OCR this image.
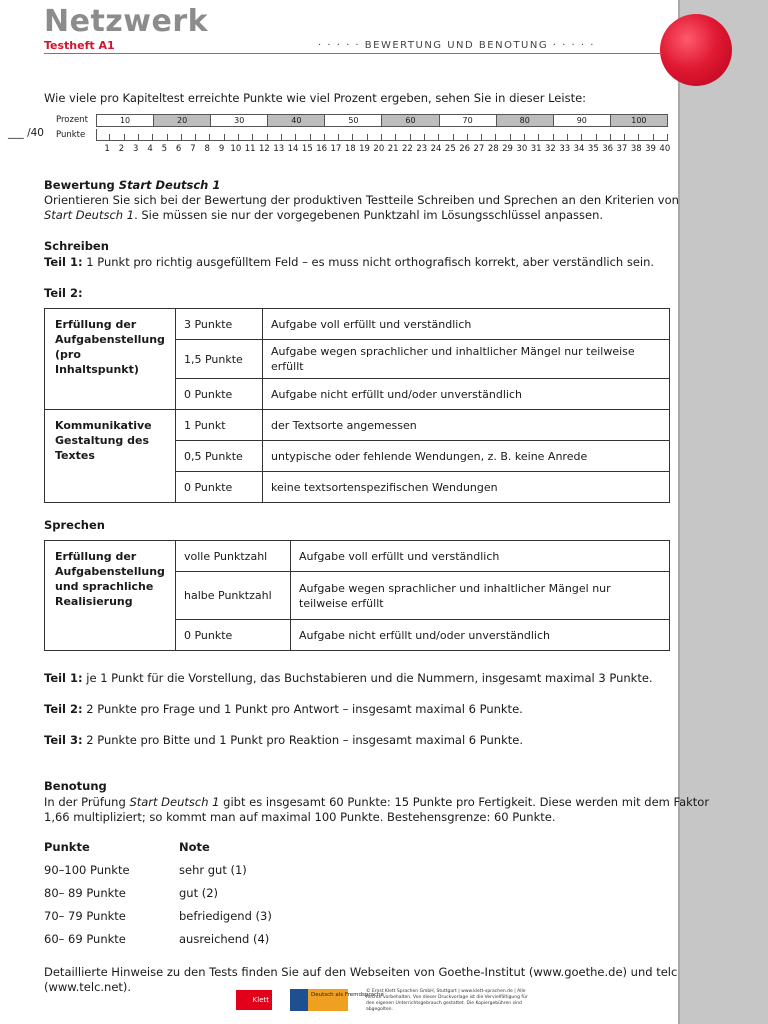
Netzwerk
Testheft A1	· · · · · BEWERTUNG UND BENOTUNG · · · · ·
Wie viele pro Kapiteltest erreichte Punkte wie viel Prozent ergeben, sehen Sie in dieser Leiste:
___ /40
Prozent
Punkte
10	20	30	40	50	60	70	80	90	100
1 2 3 4 5 6 7 8 9 10 11 12 13 14 15 16 17 18 19 20 21 22 23 24 25 26 27 28 29 30 31 32 33 34 35 36 37 38 39 40
Bewertung Start Deutsch 1
Orientieren Sie sich bei der Bewertung der produktiven Testteile Schreiben und Sprechen an den Kriterien von
Start Deutsch 1. Sie müssen sie nur der vorgegebenen Punktzahl im Lösungsschlüssel anpassen.
Schreiben
Teil 1: 1 Punkt pro richtig ausgefülltem Feld – es muss nicht orthografisch korrekt, aber verständlich sein.
Teil 2:
Erfüllung der Aufgabenstellung (pro Inhaltspunkt)	3 Punkte	Aufgabe voll erfüllt und verständlich
	1,5 Punkte	Aufgabe wegen sprachlicher und inhaltlicher Mängel nur teilweise erfüllt
	0 Punkte	Aufgabe nicht erfüllt und/oder unverständlich
Kommunikative Gestaltung des Textes	1 Punkt	der Textsorte angemessen
	0,5 Punkte	untypische oder fehlende Wendungen, z. B. keine Anrede
	0 Punkte	keine textsortenspezifischen Wendungen
Sprechen
Erfüllung der Aufgabenstellung und sprachliche Realisierung	volle Punktzahl	Aufgabe voll erfüllt und verständlich
	halbe Punktzahl	Aufgabe wegen sprachlicher und inhaltlicher Mängel nur teilweise erfüllt
	0 Punkte	Aufgabe nicht erfüllt und/oder unverständlich
Teil 1: je 1 Punkt für die Vorstellung, das Buchstabieren und die Nummern, insgesamt maximal 3 Punkte.
Teil 2: 2 Punkte pro Frage und 1 Punkt pro Antwort – insgesamt maximal 6 Punkte.
Teil 3: 2 Punkte pro Bitte und 1 Punkt pro Reaktion – insgesamt maximal 6 Punkte.
Benotung
In der Prüfung Start Deutsch 1 gibt es insgesamt 60 Punkte: 15 Punkte pro Fertigkeit. Diese werden mit dem Faktor
1,66 multipliziert; so kommt man auf maximal 100 Punkte. Bestehensgrenze: 60 Punkte.
Punkte	Note
90–100 Punkte	sehr gut (1)
80– 89 Punkte	gut (2)
70– 79 Punkte	befriedigend (3)
60– 69 Punkte	ausreichend (4)
Detaillierte Hinweise zu den Tests finden Sie auf den Webseiten von Goethe-Institut (www.goethe.de) und telc
(www.telc.net).
Klett
Deutsch als Fremdsprache
© Ernst Klett Sprachen GmbH, Stuttgart | www.klett-sprachen.de | Alle Rechte vorbehalten. Von dieser Druckvorlage ist die Vervielfältigung für den eigenen Unterrichtsgebrauch gestattet. Die Kopiergebühren sind abgegolten.
